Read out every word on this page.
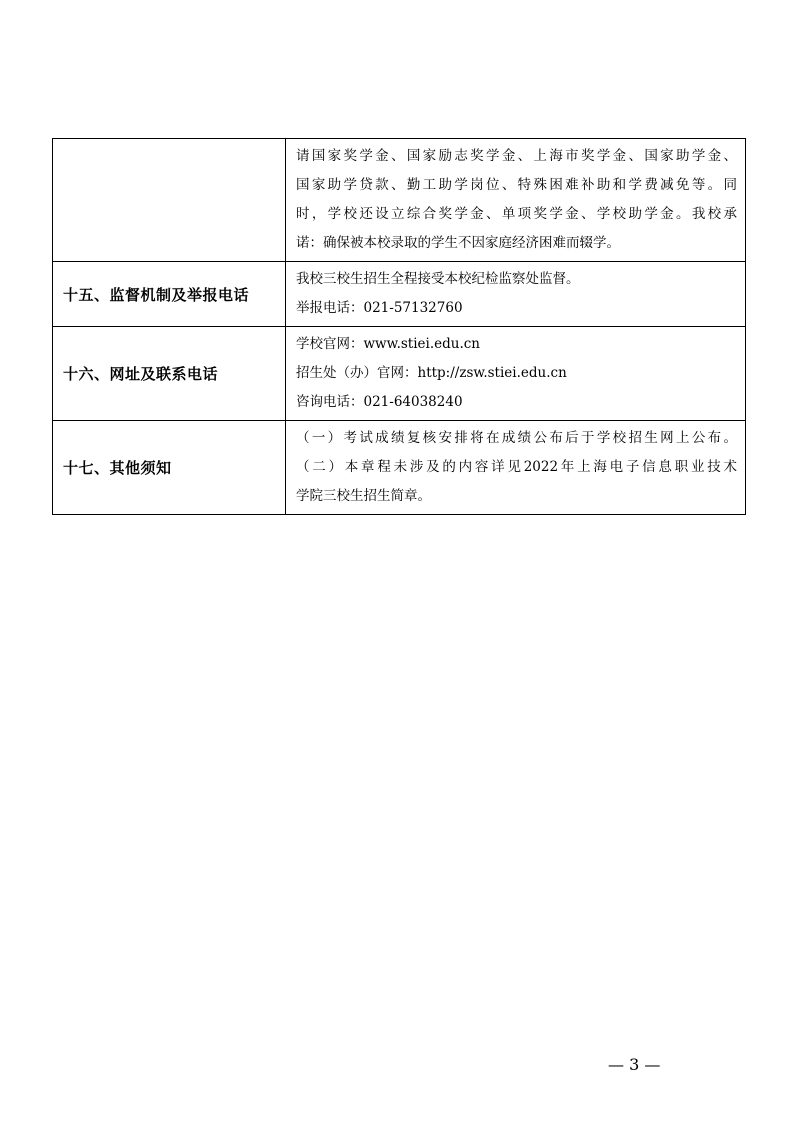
	请国家奖学金、国家励志奖学金、上海市奖学金、国家助学金、
国家助学贷款、勤工助学岗位、特殊困难补助和学费减免等。同
时，学校还设立综合奖学金、单项奖学金、学校助学金。我校承
诺：确保被本校录取的学生不因家庭经济困难而辍学。

十五、监督机制及举报电话	我校三校生招生全程接受本校纪检监察处监督。
举报电话：021-57132760

十六、网址及联系电话	学校官网：www.stiei.edu.cn
招生处（办）官网：http://zsw.stiei.edu.cn
咨询电话：021-64038240

十七、其他须知	（一）考试成绩复核安排将在成绩公布后于学校招生网上公布。
（二）本章程未涉及的内容详见2022年上海电子信息职业技术
学院三校生招生简章。
— 3 —
